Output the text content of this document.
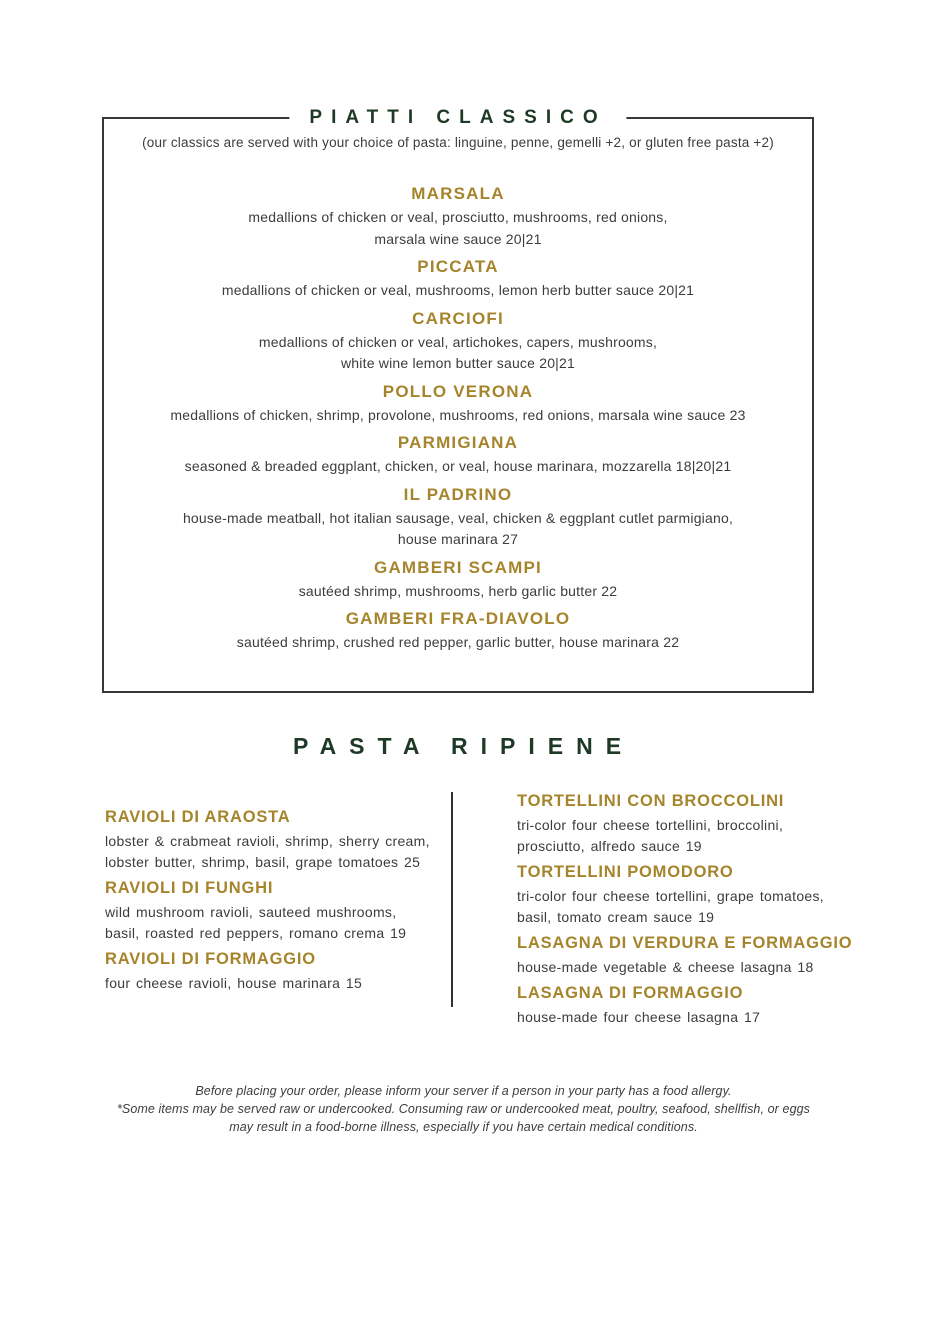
PIATTI CLASSICO

(our classics are served with your choice of pasta: linguine, penne, gemelli +2, or gluten free pasta +2)

MARSALA

medallions of chicken or veal, prosciutto, mushrooms, red onions,

marsala wine sauce 20|21

PICCATA

medallions of chicken or veal, mushrooms, lemon herb butter sauce 20|21

CARCIOFI

medallions of chicken or veal, artichokes, capers, mushrooms,

white wine lemon butter sauce 20|21

POLLO VERONA

medallions of chicken, shrimp, provolone, mushrooms, red onions, marsala wine sauce 23

PARMIGIANA

seasoned & breaded eggplant, chicken, or veal, house marinara, mozzarella 18|20|21

IL PADRINO

house-made meatball, hot italian sausage, veal, chicken & eggplant cutlet parmigiano,

house marinara 27

GAMBERI SCAMPI

sautéed shrimp, mushrooms, herb garlic butter 22

GAMBERI FRA-DIAVOLO

sautéed shrimp, crushed red pepper, garlic butter, house marinara 22

PASTA RIPIENE
RAVIOLI DI ARAOSTA

lobster & crabmeat ravioli, shrimp, sherry cream,

lobster butter, shrimp, basil, grape tomatoes 25

RAVIOLI DI FUNGHI

wild mushroom ravioli, sauteed mushrooms,

basil, roasted red peppers, romano crema 19

RAVIOLI DI FORMAGGIO

four cheese ravioli, house marinara 15

TORTELLINI CON BROCCOLINI

tri-color four cheese tortellini, broccolini,

prosciutto, alfredo sauce 19

TORTELLINI POMODORO

tri-color four cheese tortellini, grape tomatoes,

basil, tomato cream sauce 19

LASAGNA DI VERDURA E FORMAGGIO

house-made vegetable & cheese lasagna 18

LASAGNA DI FORMAGGIO

house-made four cheese lasagna 17

Before placing your order, please inform your server if a person in your party has a food allergy.

*Some items may be served raw or undercooked. Consuming raw or undercooked meat, poultry, seafood, shellfish, or eggs

may result in a food-borne illness, especially if you have certain medical conditions.
